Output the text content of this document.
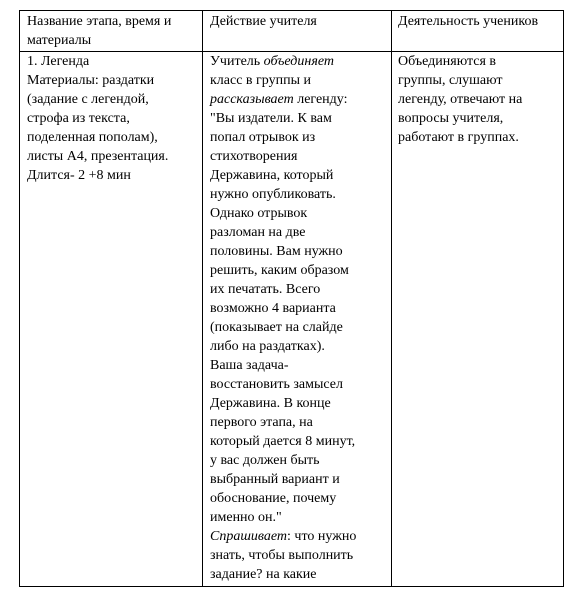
Название этапа, время и
материалы
Действие учителя	Деятельность учеников
1. Легенда
Материалы: раздатки
(задание с легендой,
строфа из текста,
поделенная пополам),
листы А4, презентация.
Длится- 2 +8 мин
Учитель объединяет
класс в группы и
рассказывает легенду:
"Вы издатели. К вам
попал отрывок из
стихотворения
Державина, который
нужно опубликовать.
Однако отрывок
разломан на две
половины. Вам нужно
решить, каким образом
их печатать. Всего
возможно 4 варианта
(показывает на слайде
либо на раздатках).
Ваша задача-
восстановить замысел
Державина. В конце
первого этапа, на
который дается 8 минут,
у вас должен быть
выбранный вариант и
обоснование, почему
именно он."
Спрашивает: что нужно
знать, чтобы выполнить
задание? на какие
Объединяются в
группы, слушают
легенду, отвечают на
вопросы учителя,
работают в группах.
